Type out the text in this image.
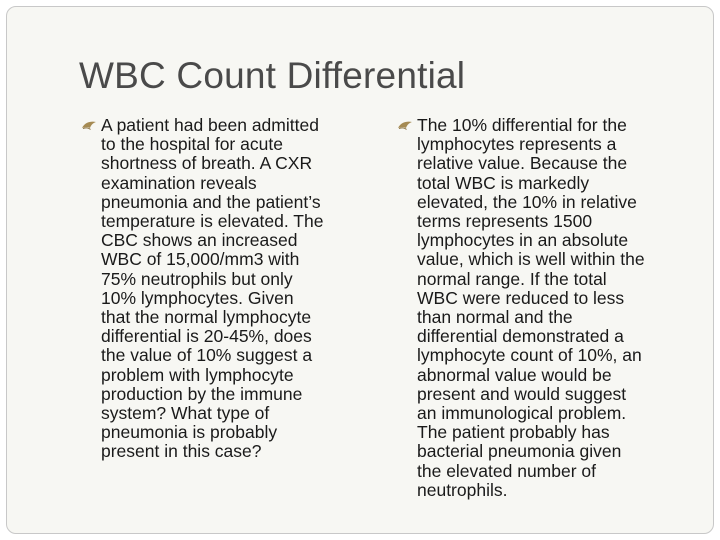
WBC Count Differential
A patient had been admitted
to the hospital for acute
shortness of breath. A CXR
examination reveals
pneumonia and the patient’s
temperature is elevated. The
CBC shows an increased
WBC of 15,000/mm3 with
75% neutrophils but only
10% lymphocytes. Given
that the normal lymphocyte
differential is 20-45%, does
the value of 10% suggest a
problem with lymphocyte
production by the immune
system? What type of
pneumonia is probably
present in this case?
The 10% differential for the
lymphocytes represents a
relative value. Because the
total WBC is markedly
elevated, the 10% in relative
terms represents 1500
lymphocytes in an absolute
value, which is well within the
normal range. If the total
WBC were reduced to less
than normal and the
differential demonstrated a
lymphocyte count of 10%, an
abnormal value would be
present and would suggest
an immunological problem.
The patient probably has
bacterial pneumonia given
the elevated number of
neutrophils.
